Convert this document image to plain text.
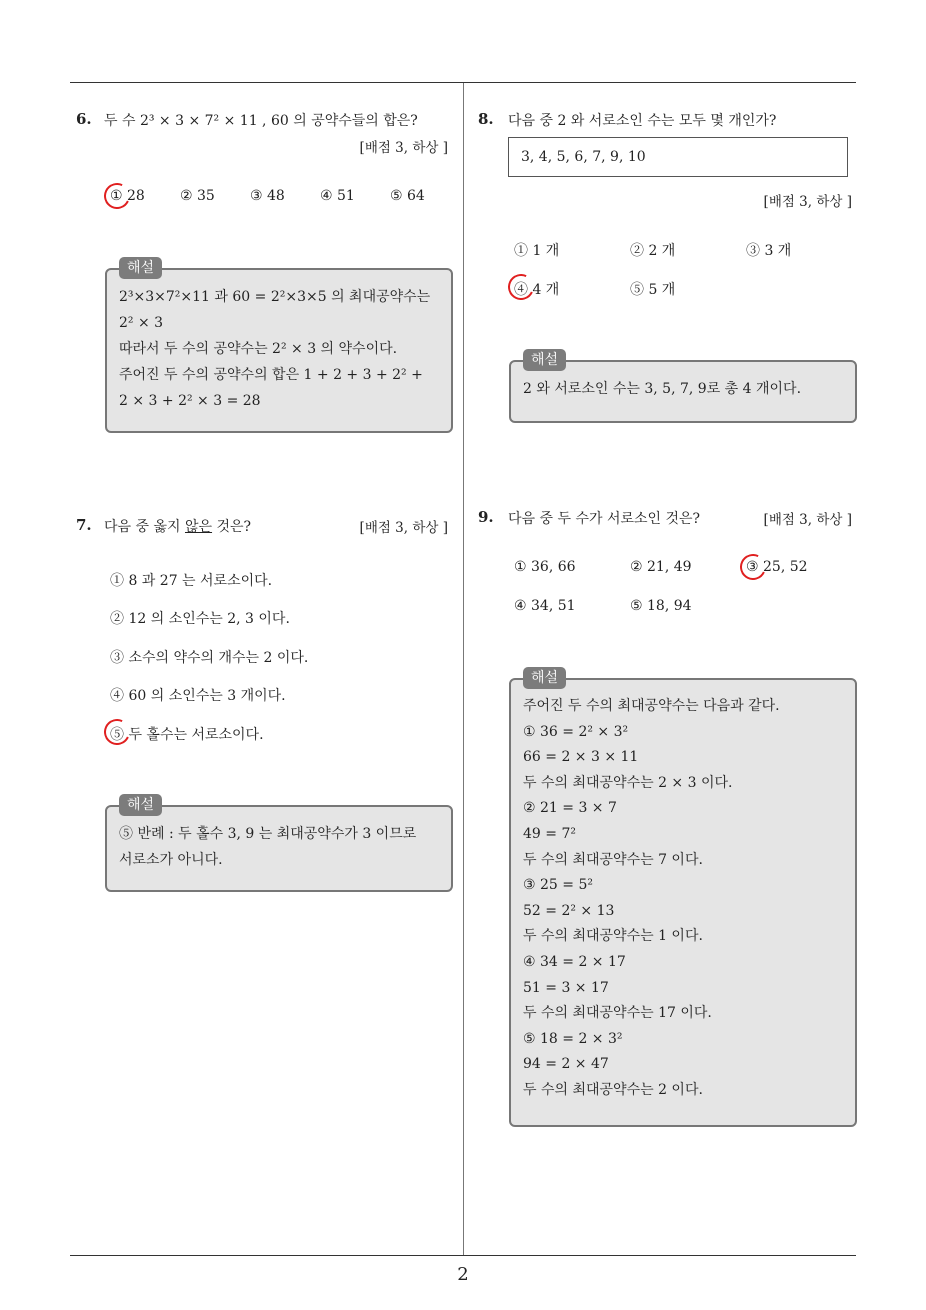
6. 두 수 2³ × 3 × 7² × 11 , 60 의 공약수들의 합은?
[배점 3, 하상 ]
① 28	② 35	③ 48	④ 51	⑤ 64
해설
2³×3×7²×11 과 60 = 2²×3×5 의 최대공약수는
2² × 3
따라서 두 수의 공약수는 2² × 3 의 약수이다.
주어진 두 수의 공약수의 합은 1 + 2 + 3 + 2² +
2 × 3 + 2² × 3 = 28
7. 다음 중 옳지 않은 것은?	[배점 3, 하상 ]
① 8 과 27 는 서로소이다.
② 12 의 소인수는 2, 3 이다.
③ 소수의 약수의 개수는 2 이다.
④ 60 의 소인수는 3 개이다.
⑤ 두 홀수는 서로소이다.
해설
⑤ 반례 : 두 홀수 3, 9 는 최대공약수가 3 이므로
서로소가 아니다.
8. 다음 중 2 와 서로소인 수는 모두 몇 개인가?
3, 4, 5, 6, 7, 9, 10
[배점 3, 하상 ]
① 1 개	② 2 개	③ 3 개
④ 4 개	⑤ 5 개
해설
2 와 서로소인 수는 3, 5, 7, 9로 총 4 개이다.
9. 다음 중 두 수가 서로소인 것은?	[배점 3, 하상 ]
① 36, 66	② 21, 49	③ 25, 52
④ 34, 51	⑤ 18, 94
해설
주어진 두 수의 최대공약수는 다음과 같다.
① 36 = 2² × 3²
66 = 2 × 3 × 11
두 수의 최대공약수는 2 × 3 이다.
② 21 = 3 × 7
49 = 7²
두 수의 최대공약수는 7 이다.
③ 25 = 5²
52 = 2² × 13
두 수의 최대공약수는 1 이다.
④ 34 = 2 × 17
51 = 3 × 17
두 수의 최대공약수는 17 이다.
⑤ 18 = 2 × 3²
94 = 2 × 47
두 수의 최대공약수는 2 이다.
2
